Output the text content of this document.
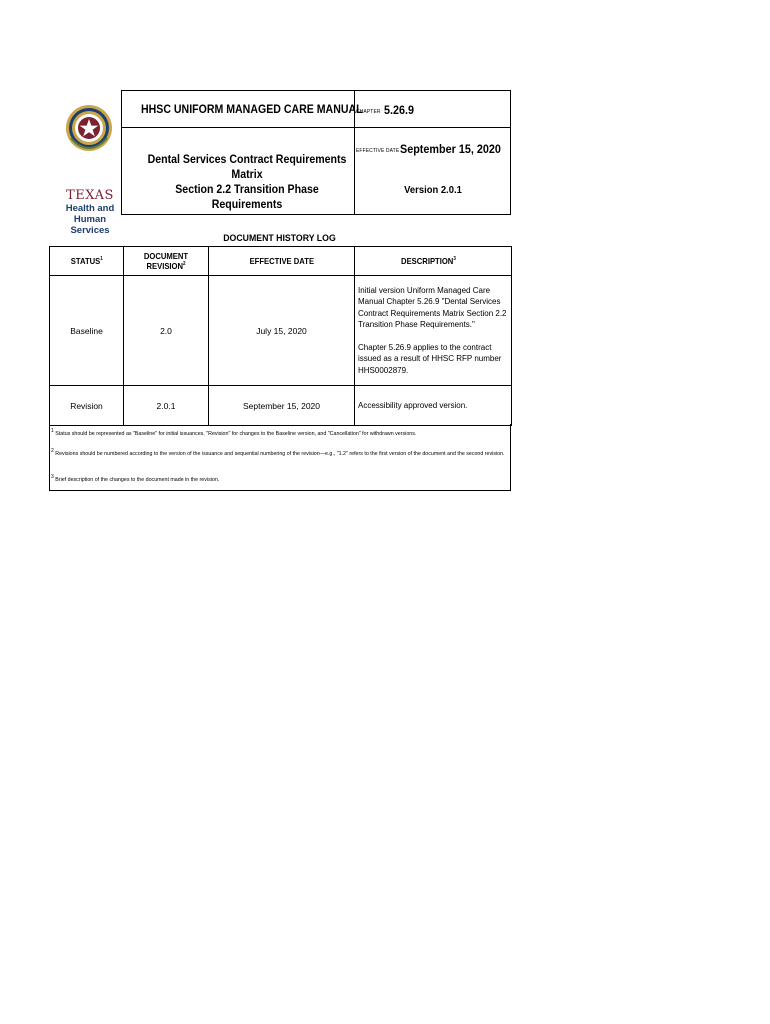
TEXAS
Health and Human
Services
HHSC UNIFORM MANAGED CARE MANUAL
Dental Services Contract Requirements Matrix
Section 2.2 Transition Phase Requirements
CHAPTER 5.26.9
EFFECTIVE DATE September 15, 2020
Version 2.0.1
DOCUMENT HISTORY LOG
STATUS$^1$	DOCUMENT REVISION$^2$	EFFECTIVE DATE	DESCRIPTION$^3$
Baseline	2.0	July 15, 2020	Initial version Uniform Managed Care Manual Chapter 5.26.9 "Dental Services Contract Requirements Matrix Section 2.2 Transition Phase Requirements."

Chapter 5.26.9 applies to the contract issued as a result of HHSC RFP number HHS0002879.

Revision	2.0.1	September 15, 2020	Accessibility approved version.
$^1$ Status should be represented as "Baseline" for initial issuances, "Revision" for changes to the Baseline version, and "Cancellation" for withdrawn versions.
$^2$ Revisions should be numbered according to the version of the issuance and sequential numbering of the revision—e.g., "1.2" refers to the first version of the document and the second revision.
$^3$ Brief description of the changes to the document made in the revision.
